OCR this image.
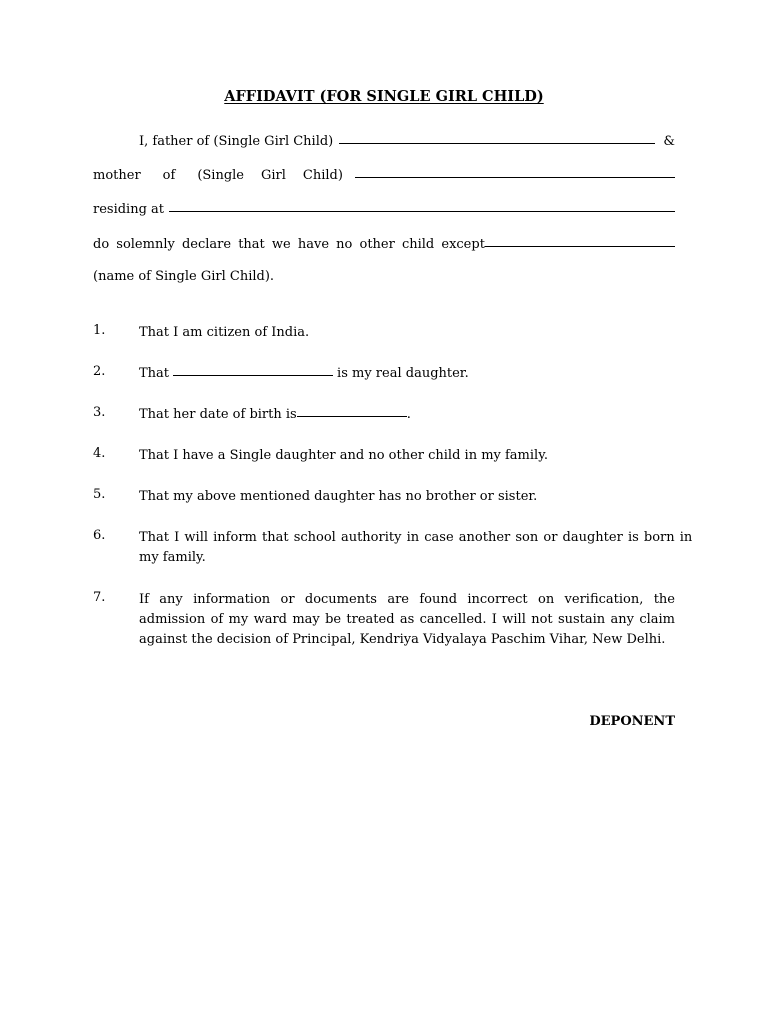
AFFIDAVIT (FOR SINGLE GIRL CHILD)
I, father of (Single Girl Child)	&
mother of (Single Girl Child)
residing at
do solemnly declare that we have no other child except
(name of Single Girl Child).
1.	That I am citizen of India.
2.	That	is my real daughter.
3.	That her date of birth is	.
4.	That I have a Single daughter and no other child in my family.
5.	That my above mentioned daughter has no brother or sister.
6.	That I will inform that school authority in case another son or daughter is born in
my family.
7.	If any information or documents are found incorrect on verification, the
admission of my ward may be treated as cancelled. I will not sustain any claim
against the decision of Principal, Kendriya Vidyalaya Paschim Vihar, New Delhi.
DEPONENT
